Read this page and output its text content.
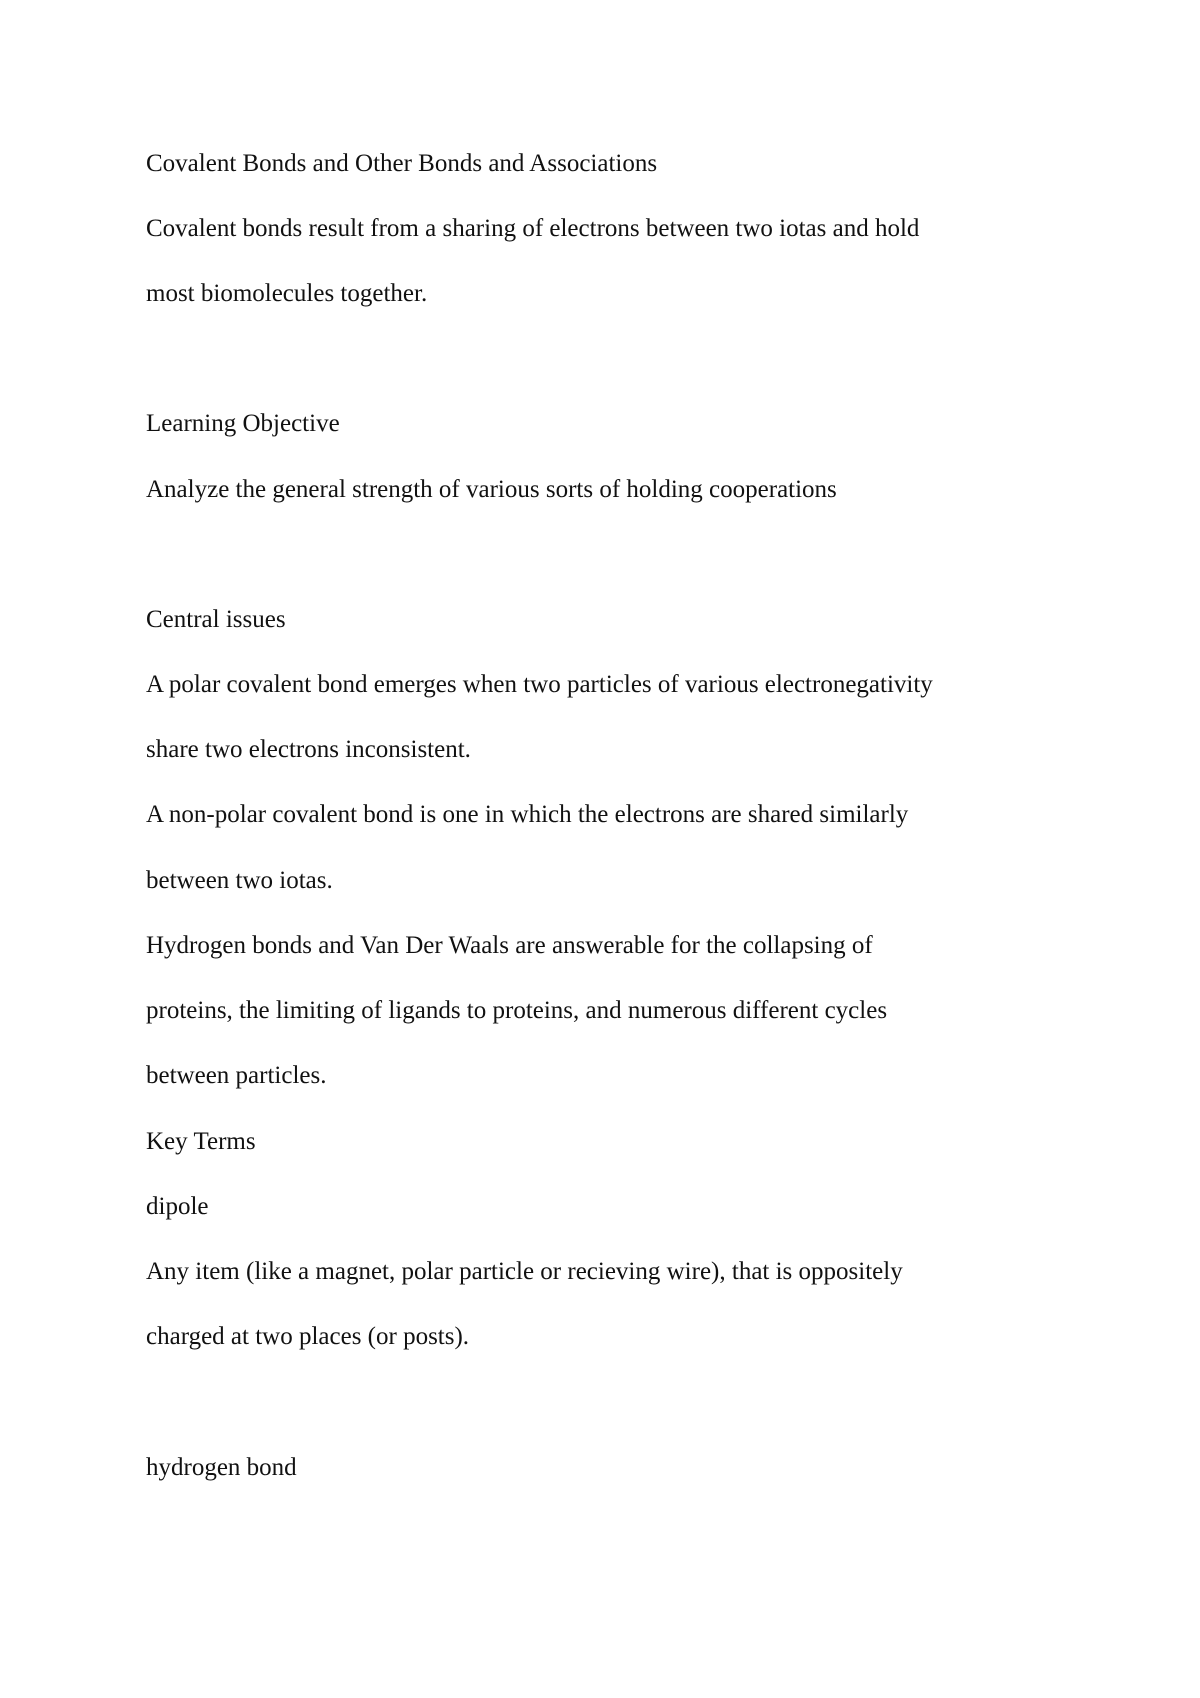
Covalent Bonds and Other Bonds and Associations

Covalent bonds result from a sharing of electrons between two iotas and hold

most biomolecules together.

Learning Objective

Analyze the general strength of various sorts of holding cooperations

Central issues

A polar covalent bond emerges when two particles of various electronegativity

share two electrons inconsistent.

A non-polar covalent bond is one in which the electrons are shared similarly

between two iotas.

Hydrogen bonds and Van Der Waals are answerable for the collapsing of

proteins, the limiting of ligands to proteins, and numerous different cycles

between particles.

Key Terms

dipole

Any item (like a magnet, polar particle or recieving wire), that is oppositely

charged at two places (or posts).

hydrogen bond
